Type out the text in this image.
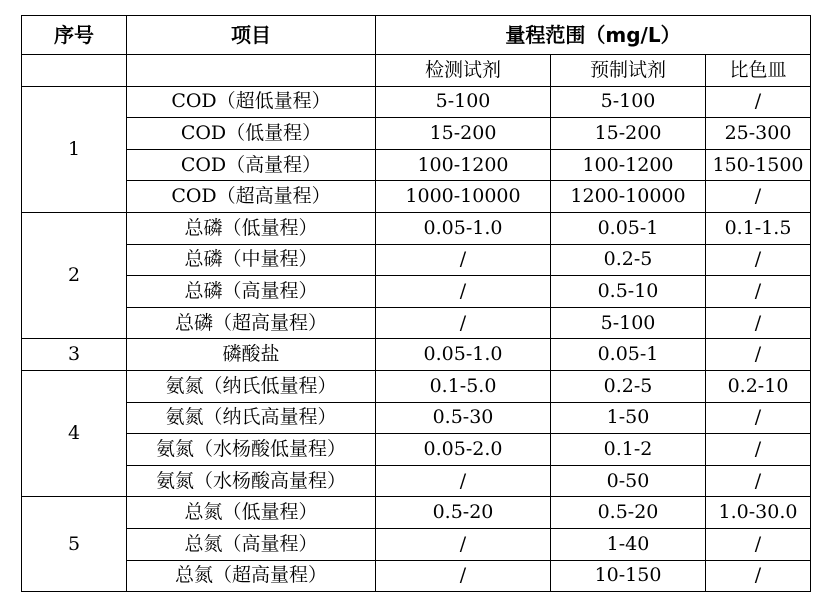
序号	项目	量程范围（mg/L）		
		检测试剂	预制试剂	比色皿
1	COD（超低量程）	5-100	5-100	/
	COD（低量程）	15-200	15-200	25-300
	COD（高量程）	100-1200	100-1200	150-1500
	COD（超高量程）	1000-10000	1200-10000	/
2	总磷（低量程）	0.05-1.0	0.05-1	0.1-1.5
	总磷（中量程）	/	0.2-5	/
	总磷（高量程）	/	0.5-10	/
	总磷（超高量程）	/	5-100	/
3	磷酸盐	0.05-1.0	0.05-1	/
4	氨氮（纳氏低量程）	0.1-5.0	0.2-5	0.2-10
	氨氮（纳氏高量程）	0.5-30	1-50	/
	氨氮（水杨酸低量程）	0.05-2.0	0.1-2	/
	氨氮（水杨酸高量程）	/	0-50	/
5	总氮（低量程）	0.5-20	0.5-20	1.0-30.0
	总氮（高量程）	/	1-40	/
	总氮（超高量程）	/	10-150	/
